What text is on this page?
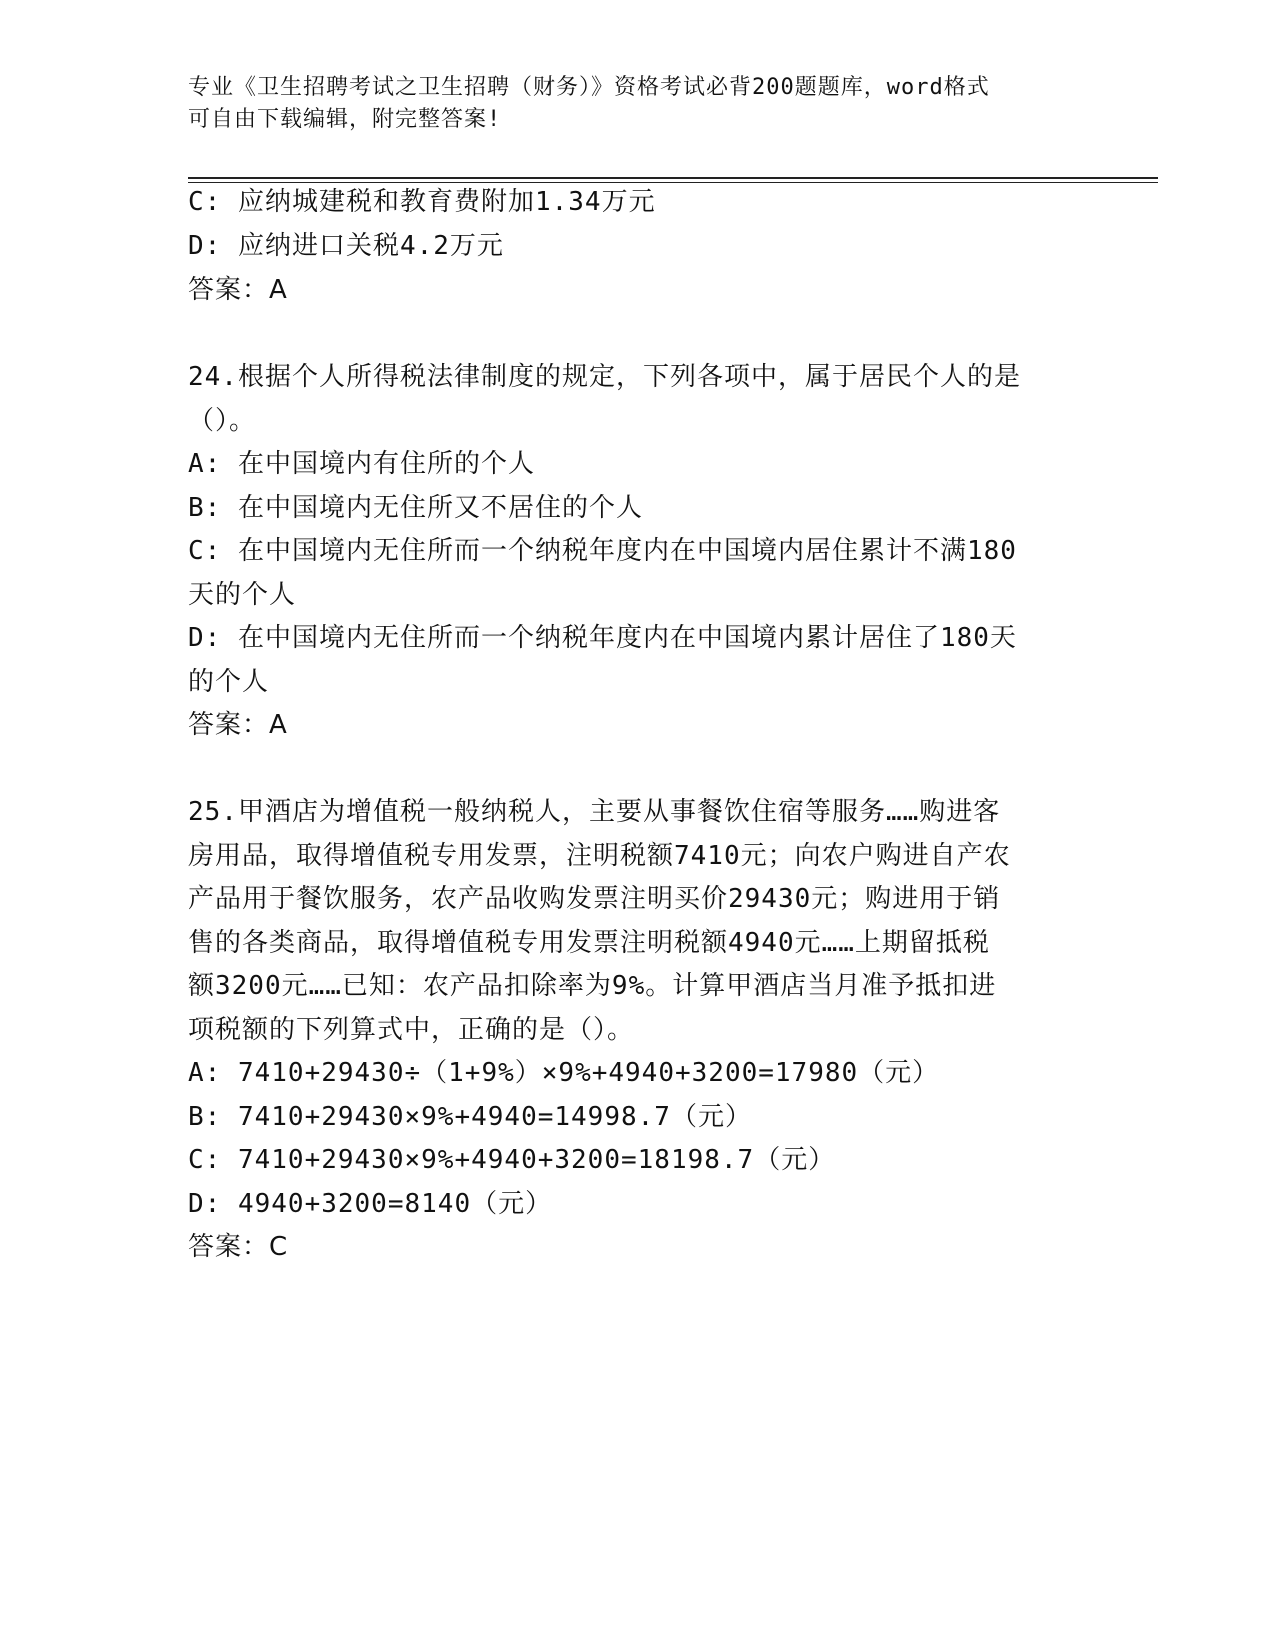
专业《卫生招聘考试之卫生招聘（财务）》资格考试必背200题题库，word格式
可自由下载编辑，附完整答案!
C: 应纳城建税和教育费附加1.34万元
D: 应纳进口关税4.2万元
答案：A
24.根据个人所得税法律制度的规定，下列各项中，属于居民个人的是
（）。
A: 在中国境内有住所的个人
B: 在中国境内无住所又不居住的个人
C: 在中国境内无住所而一个纳税年度内在中国境内居住累计不满180
天的个人
D: 在中国境内无住所而一个纳税年度内在中国境内累计居住了180天
的个人
答案：A
25.甲酒店为增值税一般纳税人，主要从事餐饮住宿等服务……购进客
房用品，取得增值税专用发票，注明税额7410元；向农户购进自产农
产品用于餐饮服务，农产品收购发票注明买价29430元；购进用于销
售的各类商品，取得增值税专用发票注明税额4940元……上期留抵税
额3200元……已知：农产品扣除率为9%。计算甲酒店当月准予抵扣进
项税额的下列算式中，正确的是（）。
A: 7410+29430÷（1+9%）×9%+4940+3200=17980（元）
B: 7410+29430×9%+4940=14998.7（元）
C: 7410+29430×9%+4940+3200=18198.7（元）
D: 4940+3200=8140（元）
答案：C
